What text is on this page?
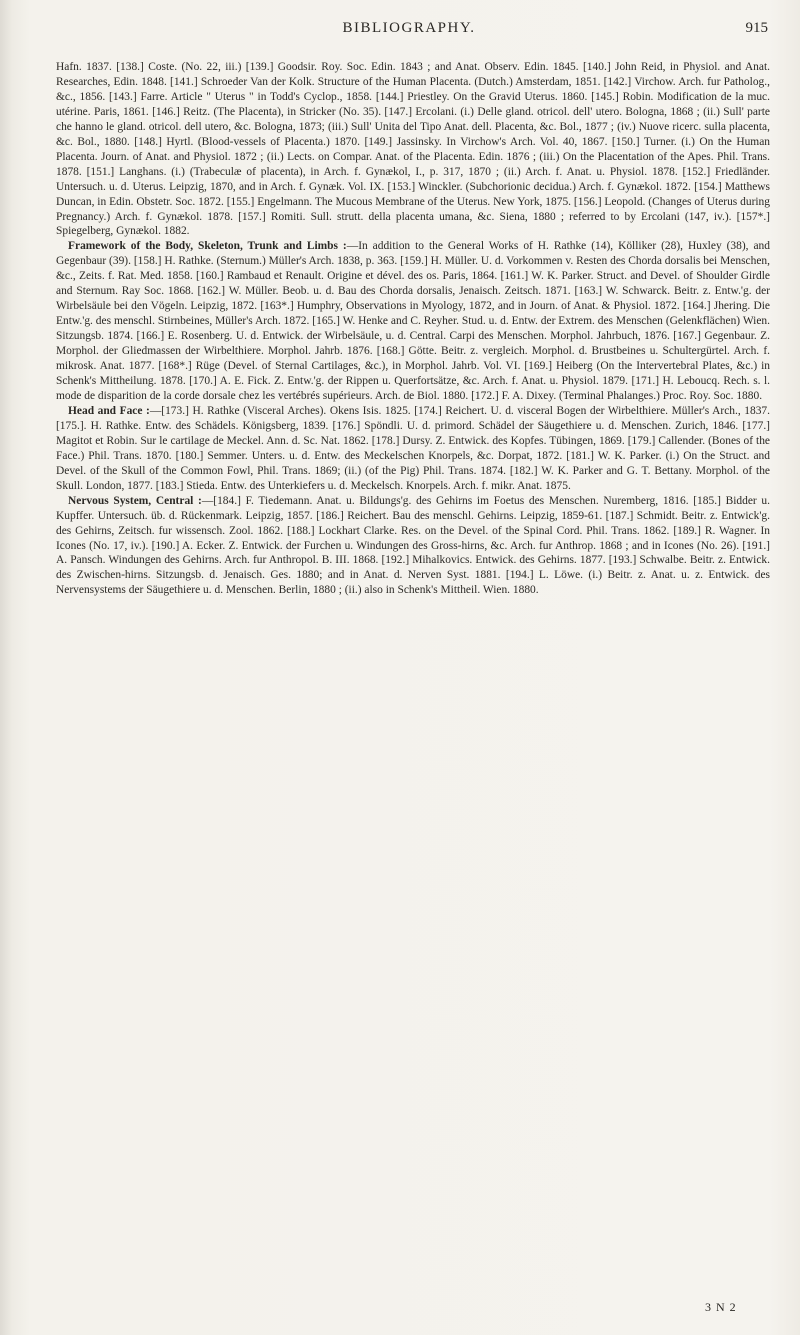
BIBLIOGRAPHY.	915

Hafn. 1837. [138.] Coste. (No. 22, iii.) [139.] Goodsir. Roy. Soc. Edin. 1843 ; and Anat. Observ. Edin. 1845. [140.] John Reid, in Physiol. and Anat. Researches, Edin. 1848. [141.] Schroeder Van der Kolk. Structure of the Human Placenta. (Dutch.) Amsterdam, 1851. [142.] Virchow. Arch. fur Patholog., &c., 1856. [143.] Farre. Article " Uterus " in Todd's Cyclop., 1858. [144.] Priestley. On the Gravid Uterus. 1860. [145.] Robin. Modification de la muc. utérine. Paris, 1861. [146.] Reitz. (The Placenta), in Stricker (No. 35). [147.] Ercolani. (i.) Delle gland. otricol. dell' utero. Bologna, 1868 ; (ii.) Sull' parte che hanno le gland. otricol. dell utero, &c. Bologna, 1873; (iii.) Sull' Unita del Tipo Anat. dell. Placenta, &c. Bol., 1877 ; (iv.) Nuove ricerc. sulla placenta, &c. Bol., 1880. [148.] Hyrtl. (Blood-vessels of Placenta.) 1870. [149.] Jassinsky. In Virchow's Arch. Vol. 40, 1867. [150.] Turner. (i.) On the Human Placenta. Journ. of Anat. and Physiol. 1872 ; (ii.) Lects. on Compar. Anat. of the Placenta. Edin. 1876 ; (iii.) On the Placentation of the Apes. Phil. Trans. 1878. [151.] Langhans. (i.) (Trabeculæ of placenta), in Arch. f. Gynækol, I., p. 317, 1870 ; (ii.) Arch. f. Anat. u. Physiol. 1878. [152.] Friedländer. Untersuch. u. d. Uterus. Leipzig, 1870, and in Arch. f. Gynæk. Vol. IX. [153.] Winckler. (Subchorionic decidua.) Arch. f. Gynækol. 1872. [154.] Matthews Duncan, in Edin. Obstetr. Soc. 1872. [155.] Engelmann. The Mucous Membrane of the Uterus. New York, 1875. [156.] Leopold. (Changes of Uterus during Pregnancy.) Arch. f. Gynækol. 1878. [157.] Romiti. Sull. strutt. della placenta umana, &c. Siena, 1880 ; referred to by Ercolani (147, iv.). [157*.] Spiegelberg, Gynækol. 1882.

Framework of the Body, Skeleton, Trunk and Limbs :—In addition to the General Works of H. Rathke (14), Kölliker (28), Huxley (38), and Gegenbaur (39). [158.] H. Rathke. (Sternum.) Müller's Arch. 1838, p. 363. [159.] H. Müller. U. d. Vorkommen v. Resten des Chorda dorsalis bei Menschen, &c., Zeits. f. Rat. Med. 1858. [160.] Rambaud et Renault. Origine et dével. des os. Paris, 1864. [161.] W. K. Parker. Struct. and Devel. of Shoulder Girdle and Sternum. Ray Soc. 1868. [162.] W. Müller. Beob. u. d. Bau des Chorda dorsalis, Jenaisch. Zeitsch. 1871. [163.] W. Schwarck. Beitr. z. Entw.'g. der Wirbelsäule bei den Vögeln. Leipzig, 1872. [163*.] Humphry, Observations in Myology, 1872, and in Journ. of Anat. & Physiol. 1872. [164.] Jhering. Die Entw.'g. des menschl. Stirnbeines, Müller's Arch. 1872. [165.] W. Henke and C. Reyher. Stud. u. d. Entw. der Extrem. des Menschen (Gelenkflächen) Wien. Sitzungsb. 1874. [166.] E. Rosenberg. U. d. Entwick. der Wirbelsäule, u. d. Central. Carpi des Menschen. Morphol. Jahrbuch, 1876. [167.] Gegenbaur. Z. Morphol. der Gliedmassen der Wirbelthiere. Morphol. Jahrb. 1876. [168.] Götte. Beitr. z. vergleich. Morphol. d. Brustbeines u. Schultergürtel. Arch. f. mikrosk. Anat. 1877. [168*.] Rüge (Devel. of Sternal Cartilages, &c.), in Morphol. Jahrb. Vol. VI. [169.] Heiberg (On the Intervertebral Plates, &c.) in Schenk's Mittheilung. 1878. [170.] A. E. Fick. Z. Entw.'g. der Rippen u. Querfortsätze, &c. Arch. f. Anat. u. Physiol. 1879. [171.] H. Leboucq. Rech. s. l. mode de disparition de la corde dorsale chez les vertébrés supérieurs. Arch. de Biol. 1880. [172.] F. A. Dixey. (Terminal Phalanges.) Proc. Roy. Soc. 1880.

Head and Face :—[173.] H. Rathke (Visceral Arches). Okens Isis. 1825. [174.] Reichert. U. d. visceral Bogen der Wirbelthiere. Müller's Arch., 1837. [175.]. H. Rathke. Entw. des Schädels. Königsberg, 1839. [176.] Spöndli. U. d. primord. Schädel der Säugethiere u. d. Menschen. Zurich, 1846. [177.] Magitot et Robin. Sur le cartilage de Meckel. Ann. d. Sc. Nat. 1862. [178.] Dursy. Z. Entwick. des Kopfes. Tübingen, 1869. [179.] Callender. (Bones of the Face.) Phil. Trans. 1870. [180.] Semmer. Unters. u. d. Entw. des Meckelschen Knorpels, &c. Dorpat, 1872. [181.] W. K. Parker. (i.) On the Struct. and Devel. of the Skull of the Common Fowl, Phil. Trans. 1869; (ii.) (of the Pig) Phil. Trans. 1874. [182.] W. K. Parker and G. T. Bettany. Morphol. of the Skull. London, 1877. [183.] Stieda. Entw. des Unterkiefers u. d. Meckelsch. Knorpels. Arch. f. mikr. Anat. 1875.

Nervous System, Central :—[184.] F. Tiedemann. Anat. u. Bildungs'g. des Gehirns im Foetus des Menschen. Nuremberg, 1816. [185.] Bidder u. Kupffer. Untersuch. üb. d. Rückenmark. Leipzig, 1857. [186.] Reichert. Bau des menschl. Gehirns. Leipzig, 1859-61. [187.] Schmidt. Beitr. z. Entwick'g. des Gehirns, Zeitsch. fur wissensch. Zool. 1862. [188.] Lockhart Clarke. Res. on the Devel. of the Spinal Cord. Phil. Trans. 1862. [189.] R. Wagner. In Icones (No. 17, iv.). [190.] A. Ecker. Z. Entwick. der Furchen u. Windungen des Gross-hirns, &c. Arch. fur Anthrop. 1868 ; and in Icones (No. 26). [191.] A. Pansch. Windungen des Gehirns. Arch. fur Anthropol. B. III. 1868. [192.] Mihalkovics. Entwick. des Gehirns. 1877. [193.] Schwalbe. Beitr. z. Entwick. des Zwischen-hirns. Sitzungsb. d. Jenaisch. Ges. 1880; and in Anat. d. Nerven Syst. 1881. [194.] L. Löwe. (i.) Beitr. z. Anat. u. z. Entwick. des Nervensystems der Säugethiere u. d. Menschen. Berlin, 1880 ; (ii.) also in Schenk's Mittheil. Wien. 1880.

3 N 2
